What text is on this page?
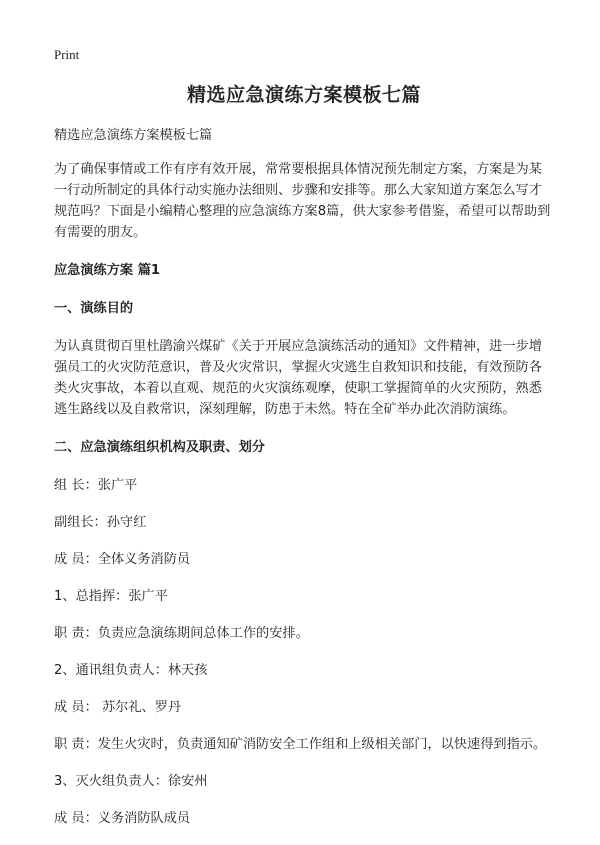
Print
精选应急演练方案模板七篇

精选应急演练方案模板七篇

为了确保事情或工作有序有效开展，常常要根据具体情况预先制定方案，方案是为某一行动所制定的具体行动实施办法细则、步骤和安排等。那么大家知道方案怎么写才规范吗？下面是小编精心整理的应急演练方案8篇，供大家参考借鉴，希望可以帮助到有需要的朋友。

应急演练方案 篇1

一、演练目的

为认真贯彻百里杜鹃渝兴煤矿《关于开展应急演练活动的通知》文件精神，进一步增强员工的火灾防范意识，普及火灾常识，掌握火灾逃生自救知识和技能，有效预防各类火灾事故，本着以直观、规范的火灾演练观摩，使职工掌握简单的火灾预防，熟悉逃生路线以及自救常识，深刻理解，防患于未然。特在全矿举办此次消防演练。

二、应急演练组织机构及职责、划分

组 长：张广平

副组长：孙守红

成 员：全体义务消防员

1、总指挥：张广平

职 责：负责应急演练期间总体工作的安排。

2、通讯组负责人：林天孩

成 员： 苏尔礼、罗丹

职 责：发生火灾时，负责通知矿消防安全工作组和上级相关部门，以快速得到指示。

3、灭火组负责人：徐安州

成 员：义务消防队成员
